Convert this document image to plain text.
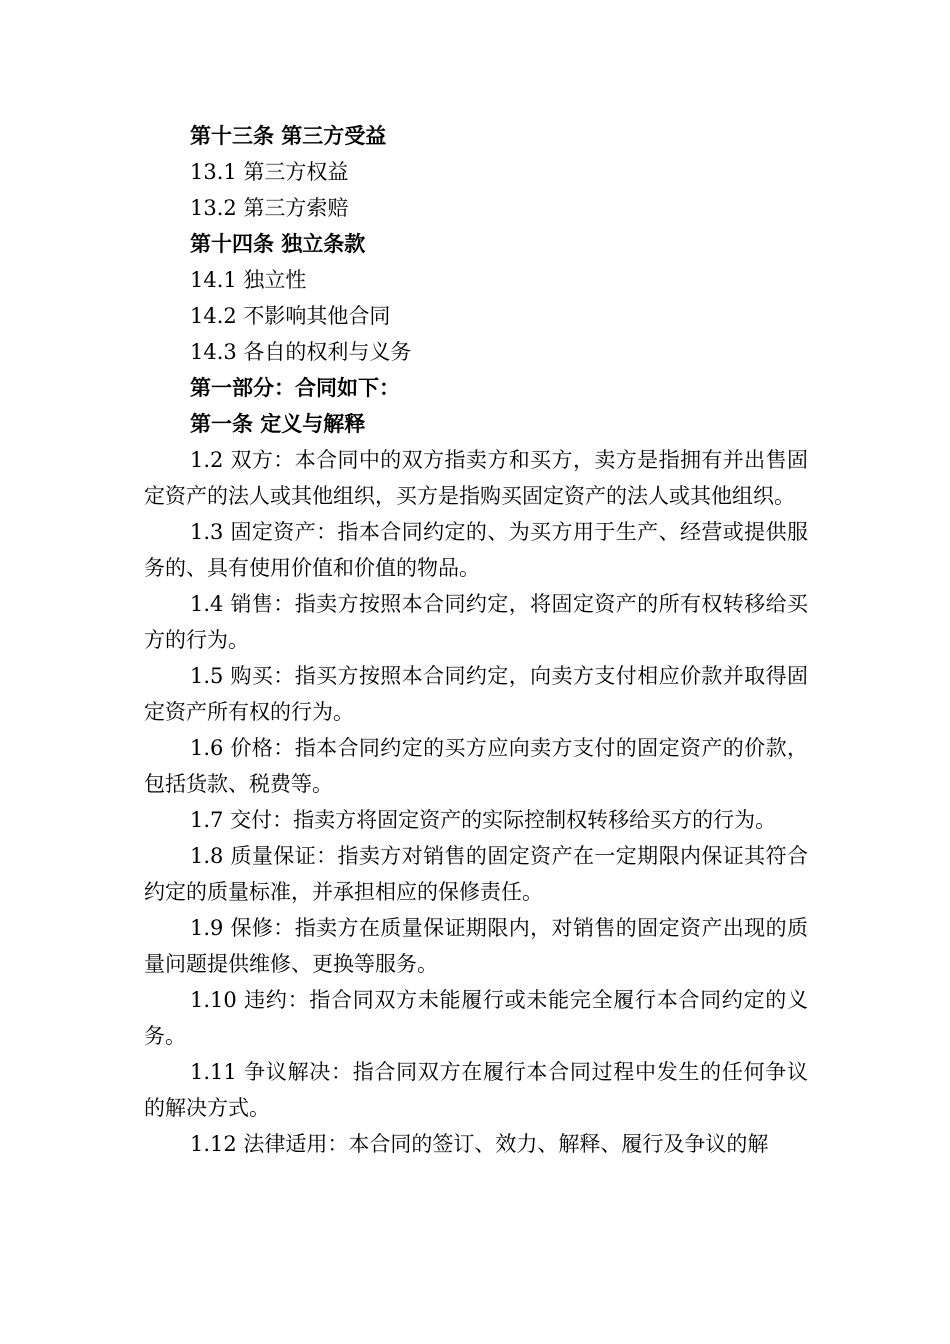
第十三条 第三方受益
13.1 第三方权益
13.2 第三方索赔
第十四条 独立条款
14.1 独立性
14.2 不影响其他合同
14.3 各自的权利与义务
第一部分：合同如下：
第一条 定义与解释

1.2 双方：本合同中的双方指卖方和买方，卖方是指拥有并出售固定资产的法人或其他组织，买方是指购买固定资产的法人或其他组织。

1.3 固定资产：指本合同约定的、为买方用于生产、经营或提供服务的、具有使用价值和价值的物品。

1.4 销售：指卖方按照本合同约定，将固定资产的所有权转移给买方的行为。

1.5 购买：指买方按照本合同约定，向卖方支付相应价款并取得固定资产所有权的行为。

1.6 价格：指本合同约定的买方应向卖方支付的固定资产的价款，包括货款、税费等。

1.7 交付：指卖方将固定资产的实际控制权转移给买方的行为。

1.8 质量保证：指卖方对销售的固定资产在一定期限内保证其符合约定的质量标准，并承担相应的保修责任。

1.9 保修：指卖方在质量保证期限内，对销售的固定资产出现的质量问题提供维修、更换等服务。

1.10 违约：指合同双方未能履行或未能完全履行本合同约定的义务。

1.11 争议解决：指合同双方在履行本合同过程中发生的任何争议的解决方式。

1.12 法律适用：本合同的签订、效力、解释、履行及争议的解
